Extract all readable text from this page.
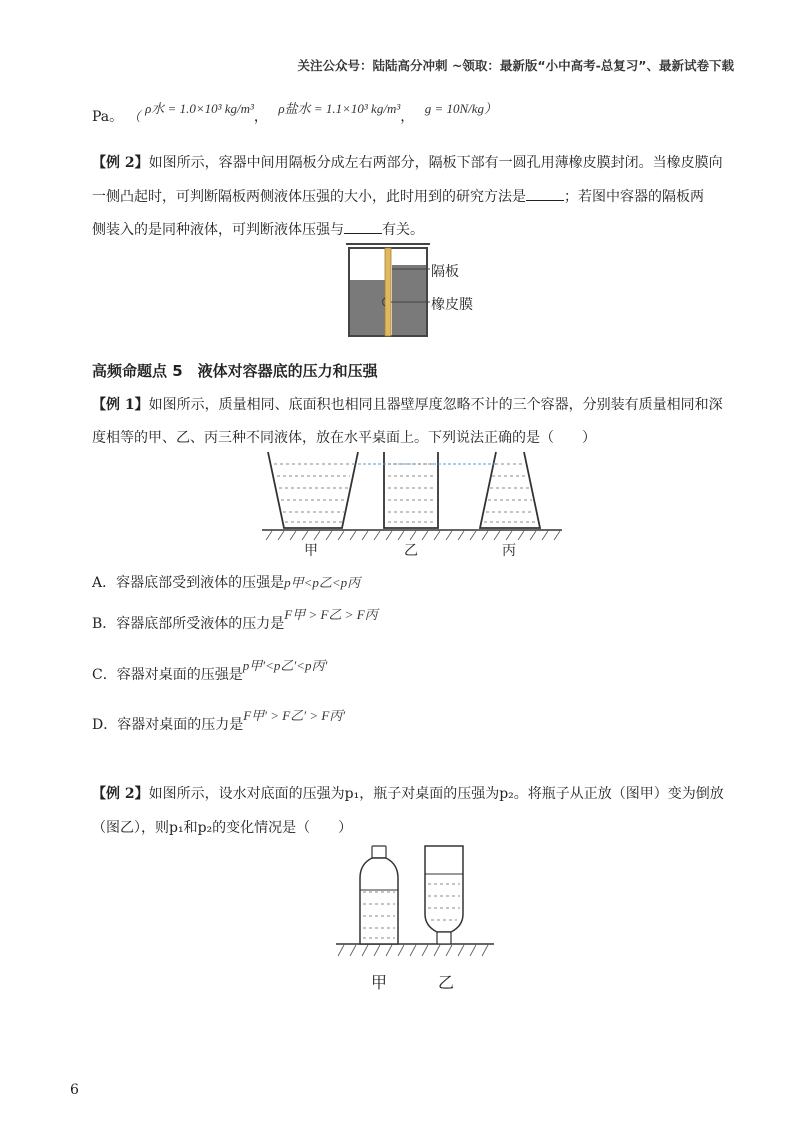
关注公众号：陆陆高分冲刺 ~领取：最新版“小中高考-总复习”、最新试卷下载
Pa。 （ ρ水 = 1.0×10³ kg/m³， ρ盐水 = 1.1×10³ kg/m³， g = 10N/kg）
【例 2】如图所示，容器中间用隔板分成左右两部分，隔板下部有一圆孔用薄橡皮膜封闭。当橡皮膜向
一侧凸起时，可判断隔板两侧液体压强的大小，此时用到的研究方法是	；若图中容器的隔板两
侧装入的是同种液体，可判断液体压强与	有关。
隔板
橡皮膜
高频命题点 5　液体对容器底的压力和压强
【例 1】如图所示，质量相同、底面积也相同且器壁厚度忽略不计的三个容器，分别装有质量相同和深
度相等的甲、乙、丙三种不同液体，放在水平桌面上。下列说法正确的是（　　）
甲	乙	丙
A．容器底部受到液体的压强是p甲<p乙<p丙
B．容器底部所受液体的压力是F甲 > F乙 > F丙
C．容器对桌面的压强是p甲′<p乙′<p丙′
D．容器对桌面的压力是F甲′ > F乙′ > F丙′
【例 2】如图所示，设水对底面的压强为p₁，瓶子对桌面的压强为p₂。将瓶子从正放（图甲）变为倒放
（图乙），则p₁和p₂的变化情况是（　　）
甲	乙
6
